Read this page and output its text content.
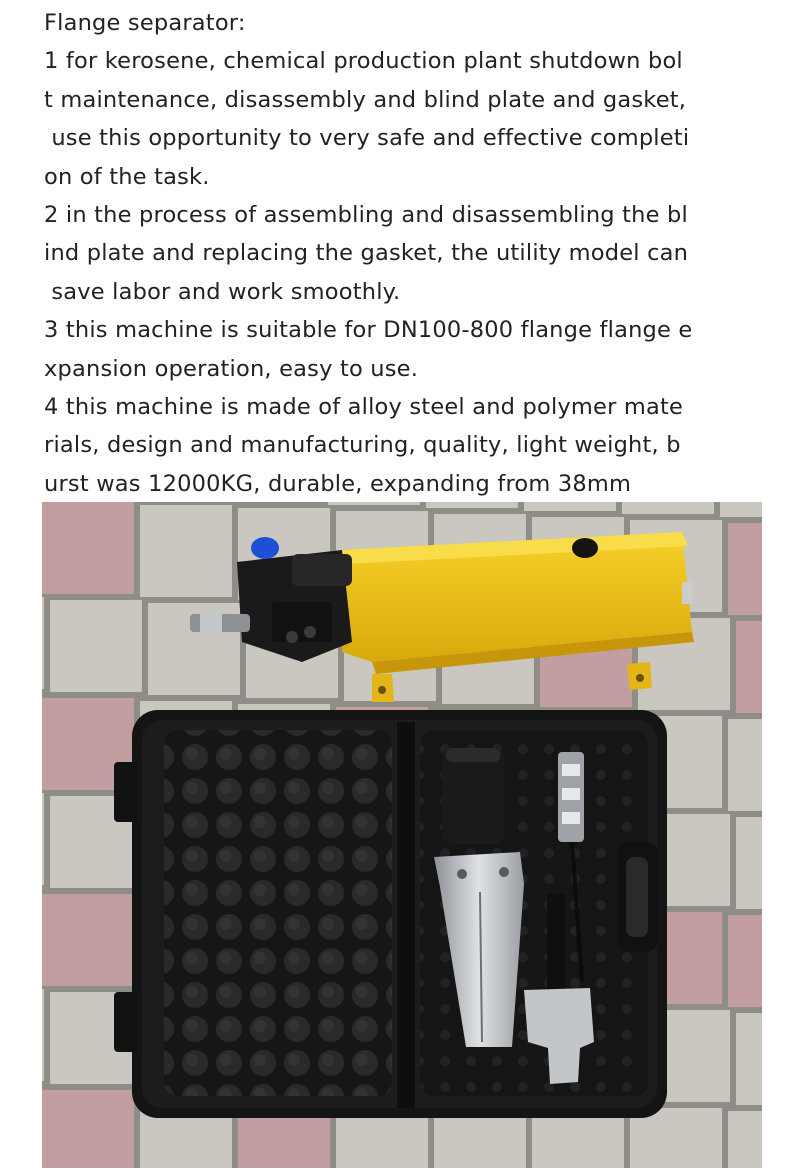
Flange separator:
1 for kerosene, chemical production plant shutdown bol
t maintenance, disassembly and blind plate and gasket,
use this opportunity to very safe and effective completi
on of the task.
2 in the process of assembling and disassembling the bl
ind plate and replacing the gasket, the utility model can
save labor and work smoothly.
3 this machine is suitable for DN100-800 flange flange e
xpansion operation, easy to use.
4 this machine is made of alloy steel and polymer mate
rials, design and manufacturing, quality, light weight, b
urst was 12000KG, durable, expanding from 38mm
